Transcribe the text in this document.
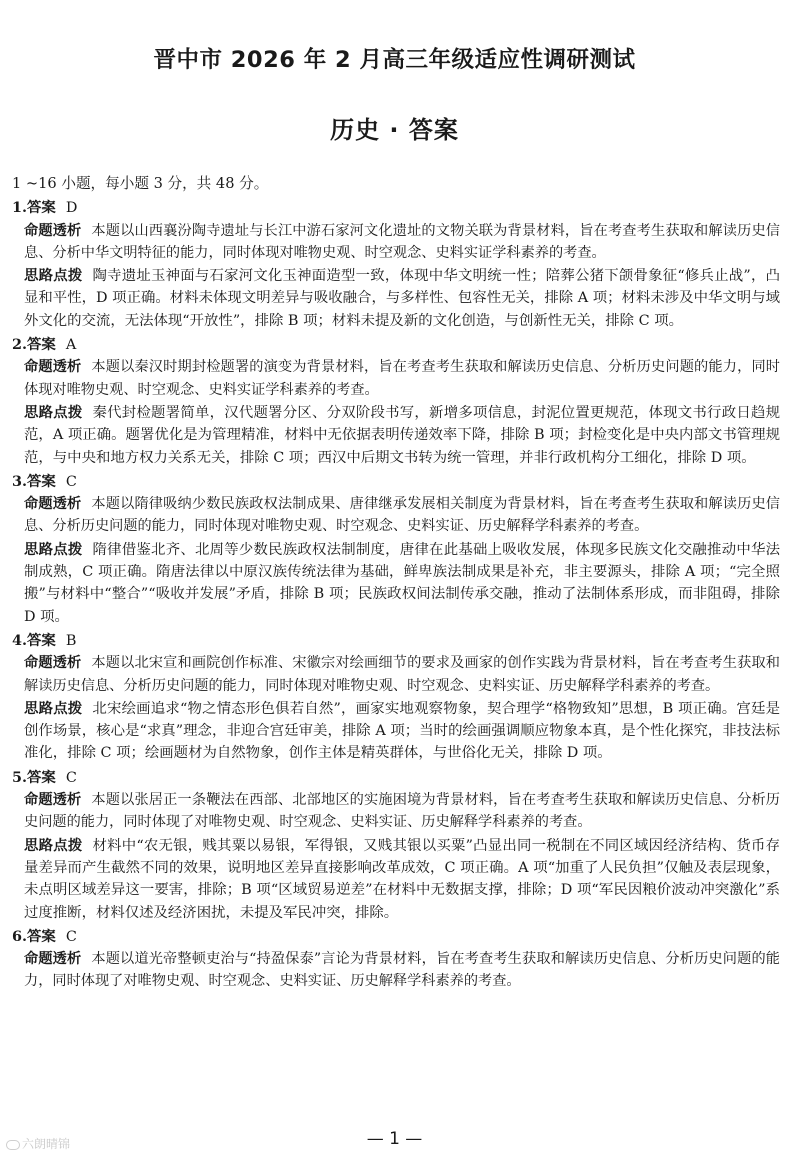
晋中市 2026 年 2 月高三年级适应性调研测试
历史 · 答案
1 ~16 小题，每小题 3 分，共 48 分。
1.答案 D
命题透析 本题以山西襄汾陶寺遗址与长江中游石家河文化遗址的文物关联为背景材料，旨在考查考生获取和解读历史信息、分析中华文明特征的能力，同时体现对唯物史观、时空观念、史料实证学科素养的考查。
思路点拨 陶寺遗址玉神面与石家河文化玉神面造型一致，体现中华文明统一性；陪葬公猪下颌骨象征“修兵止战”，凸显和平性，D 项正确。材料未体现文明差异与吸收融合，与多样性、包容性无关，排除 A 项；材料未涉及中华文明与域外文化的交流，无法体现“开放性”，排除 B 项；材料未提及新的文化创造，与创新性无关，排除 C 项。
2.答案 A
命题透析 本题以秦汉时期封检题署的演变为背景材料，旨在考查考生获取和解读历史信息、分析历史问题的能力，同时体现对唯物史观、时空观念、史料实证学科素养的考查。
思路点拨 秦代封检题署简单，汉代题署分区、分双阶段书写，新增多项信息，封泥位置更规范，体现文书行政日趋规范，A 项正确。题署优化是为管理精准，材料中无依据表明传递效率下降，排除 B 项；封检变化是中央内部文书管理规范，与中央和地方权力关系无关，排除 C 项；西汉中后期文书转为统一管理，并非行政机构分工细化，排除 D 项。
3.答案 C
命题透析 本题以隋律吸纳少数民族政权法制成果、唐律继承发展相关制度为背景材料，旨在考查考生获取和解读历史信息、分析历史问题的能力，同时体现对唯物史观、时空观念、史料实证、历史解释学科素养的考查。
思路点拨 隋律借鉴北齐、北周等少数民族政权法制制度，唐律在此基础上吸收发展，体现多民族文化交融推动中华法制成熟，C 项正确。隋唐法律以中原汉族传统法律为基础，鲜卑族法制成果是补充，非主要源头，排除 A 项；“完全照搬”与材料中“整合”“吸收并发展”矛盾，排除 B 项；民族政权间法制传承交融，推动了法制体系形成，而非阻碍，排除 D 项。
4.答案 B
命题透析 本题以北宋宣和画院创作标准、宋徽宗对绘画细节的要求及画家的创作实践为背景材料，旨在考查考生获取和解读历史信息、分析历史问题的能力，同时体现对唯物史观、时空观念、史料实证、历史解释学科素养的考查。
思路点拨 北宋绘画追求“物之情态形色俱若自然”，画家实地观察物象，契合理学“格物致知”思想，B 项正确。宫廷是创作场景，核心是“求真”理念，非迎合宫廷审美，排除 A 项；当时的绘画强调顺应物象本真，是个性化探究，非技法标准化，排除 C 项；绘画题材为自然物象，创作主体是精英群体，与世俗化无关，排除 D 项。
5.答案 C
命题透析 本题以张居正一条鞭法在西部、北部地区的实施困境为背景材料，旨在考查考生获取和解读历史信息、分析历史问题的能力，同时体现了对唯物史观、时空观念、史料实证、历史解释学科素养的考查。
思路点拨 材料中“农无银，贱其粟以易银，军得银，又贱其银以买粟”凸显出同一税制在不同区域因经济结构、货币存量差异而产生截然不同的效果，说明地区差异直接影响改革成效，C 项正确。A 项“加重了人民负担”仅触及表层现象，未点明区域差异这一要害，排除；B 项“区域贸易逆差”在材料中无数据支撑，排除；D 项“军民因粮价波动冲突激化”系过度推断，材料仅述及经济困扰，未提及军民冲突，排除。
6.答案 C
命题透析 本题以道光帝整顿吏治与“持盈保泰”言论为背景材料，旨在考查考生获取和解读历史信息、分析历史问题的能力，同时体现了对唯物史观、时空观念、史料实证、历史解释学科素养的考查。
— 1 —
六朗晴锦
